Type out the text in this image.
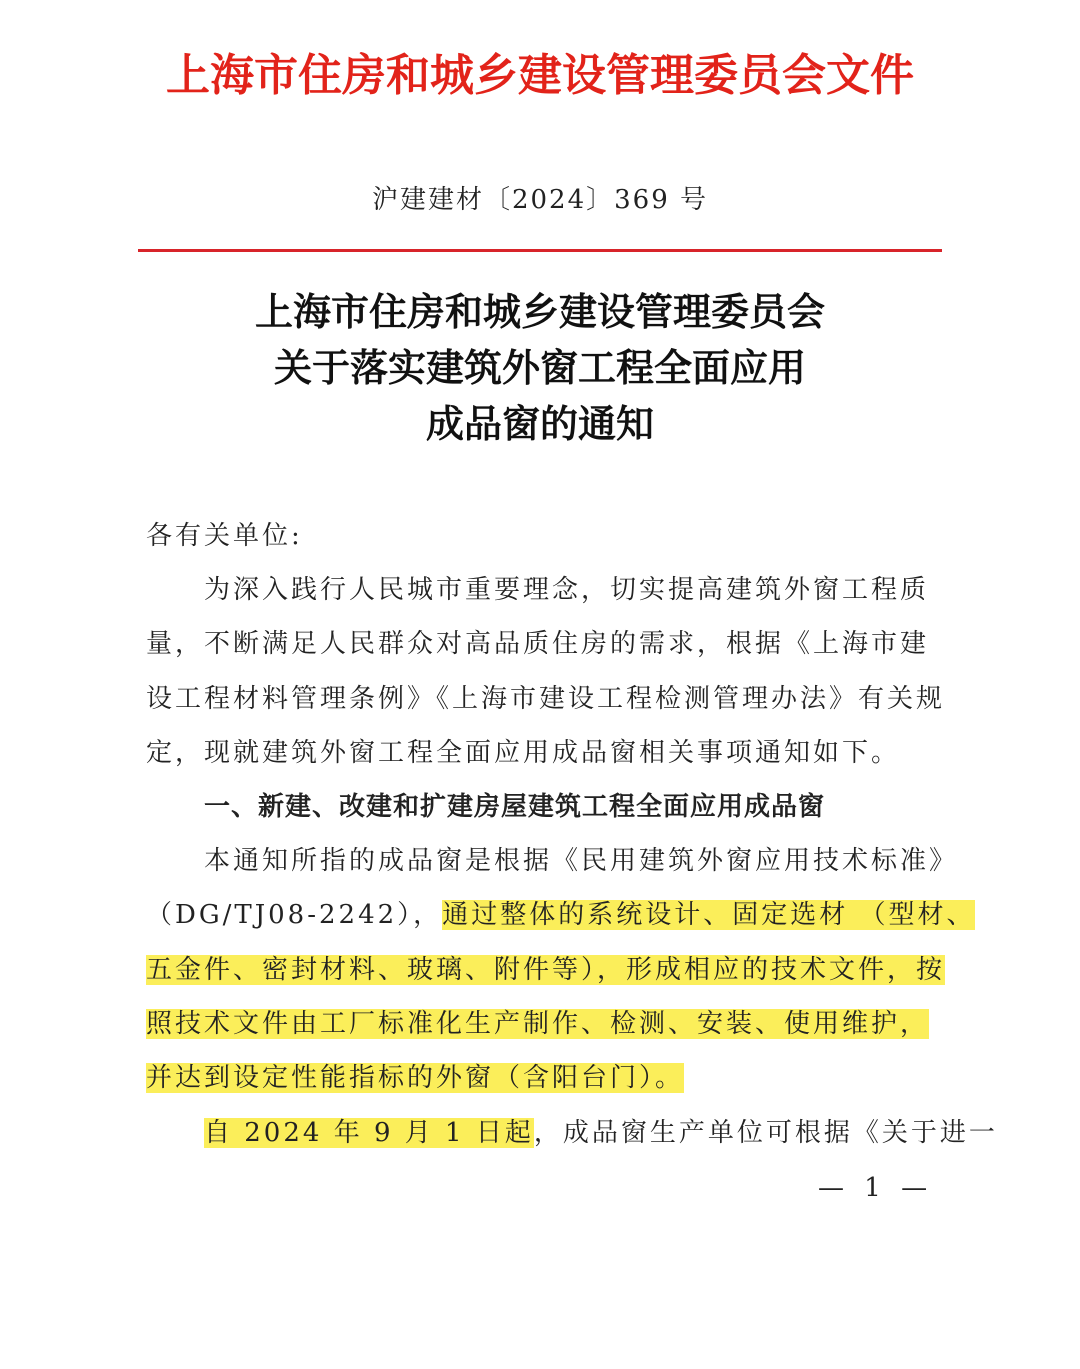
上海市住房和城乡建设管理委员会文件
沪建建材〔2024〕369 号
上海市住房和城乡建设管理委员会
关于落实建筑外窗工程全面应用
成品窗的通知
各有关单位:
为深入践行人民城市重要理念，切实提高建筑外窗工程质
量，不断满足人民群众对高品质住房的需求，根据《上海市建
设工程材料管理条例》《上海市建设工程检测管理办法》有关规
定，现就建筑外窗工程全面应用成品窗相关事项通知如下。
一、新建、改建和扩建房屋建筑工程全面应用成品窗
本通知所指的成品窗是根据《民用建筑外窗应用技术标准》
（DG/TJ08-2242），通过整体的系统设计、固定选材 （型材、
五金件、密封材料、玻璃、附件等），形成相应的技术文件，按
照技术文件由工厂标准化生产制作、检测、安装、使用维护，
并达到设定性能指标的外窗（含阳台门）。
自 2024 年 9 月 1 日起，成品窗生产单位可根据《关于进一
— 1 —
